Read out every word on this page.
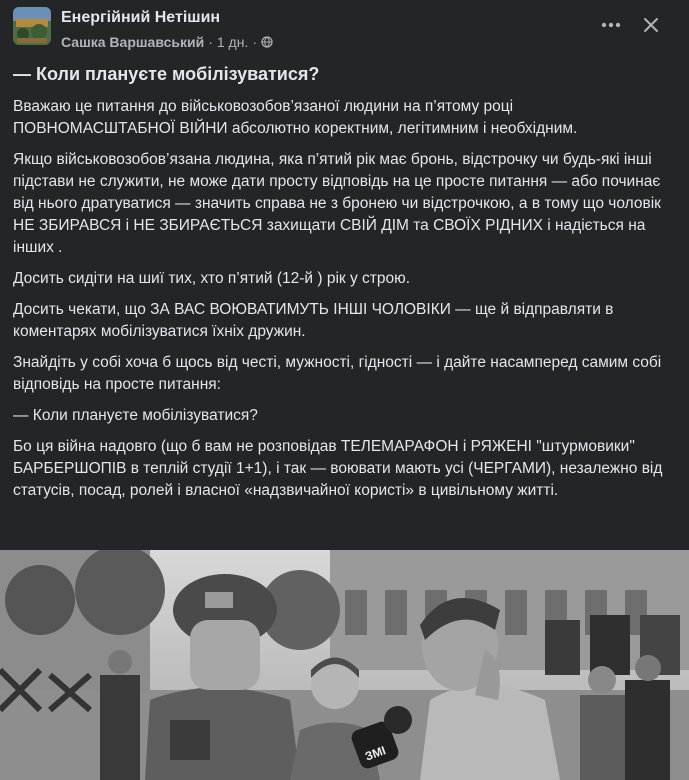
Енергійний Нетішин
Сашка Варшавський · 1 дн. ·
— Коли плануєте мобілізуватися?

Вважаю це питання до військовозобов’язаної людини на п’ятому році ПОВНОМАСШТАБНОЇ ВІЙНИ абсолютно коректним, легітимним і необхідним.

Якщо військовозобов’язана людина, яка п’ятий рік має бронь, відстрочку чи будь-які інші підстави не служити, не може дати просту відповідь на це просте питання — або починає від нього дратуватися — значить справа не з бронею чи відстрочкою, а в тому що чоловік НЕ ЗБИРАВСЯ і НЕ ЗБИРАЄТЬСЯ захищати СВІЙ ДІМ та СВОЇХ РІДНИХ і надіється на інших .

Досить сидіти на шиї тих, хто п’ятий (12-й ) рік у строю.

Досить чекати, що ЗА ВАС ВОЮВАТИМУТЬ ІНШІ ЧОЛОВІКИ — ще й відправляти в коментарях мобілізуватися їхніх дружин.

Знайдіть у собі хоча б щось від честі, мужності, гідності — і дайте насамперед самим собі відповідь на просте питання:

— Коли плануєте мобілізуватися?

Бо ця війна надовго (що б вам не розповідав ТЕЛЕМАРАФОН і РЯЖЕНІ "штурмовики" БАРБЕРШОПІВ в теплій студії 1+1), і так — воювати мають усі (ЧЕРГАМИ), незалежно від статусів, посад, ролей і власної «надзвичайної користі» в цивільному житті.

ЗМІ
